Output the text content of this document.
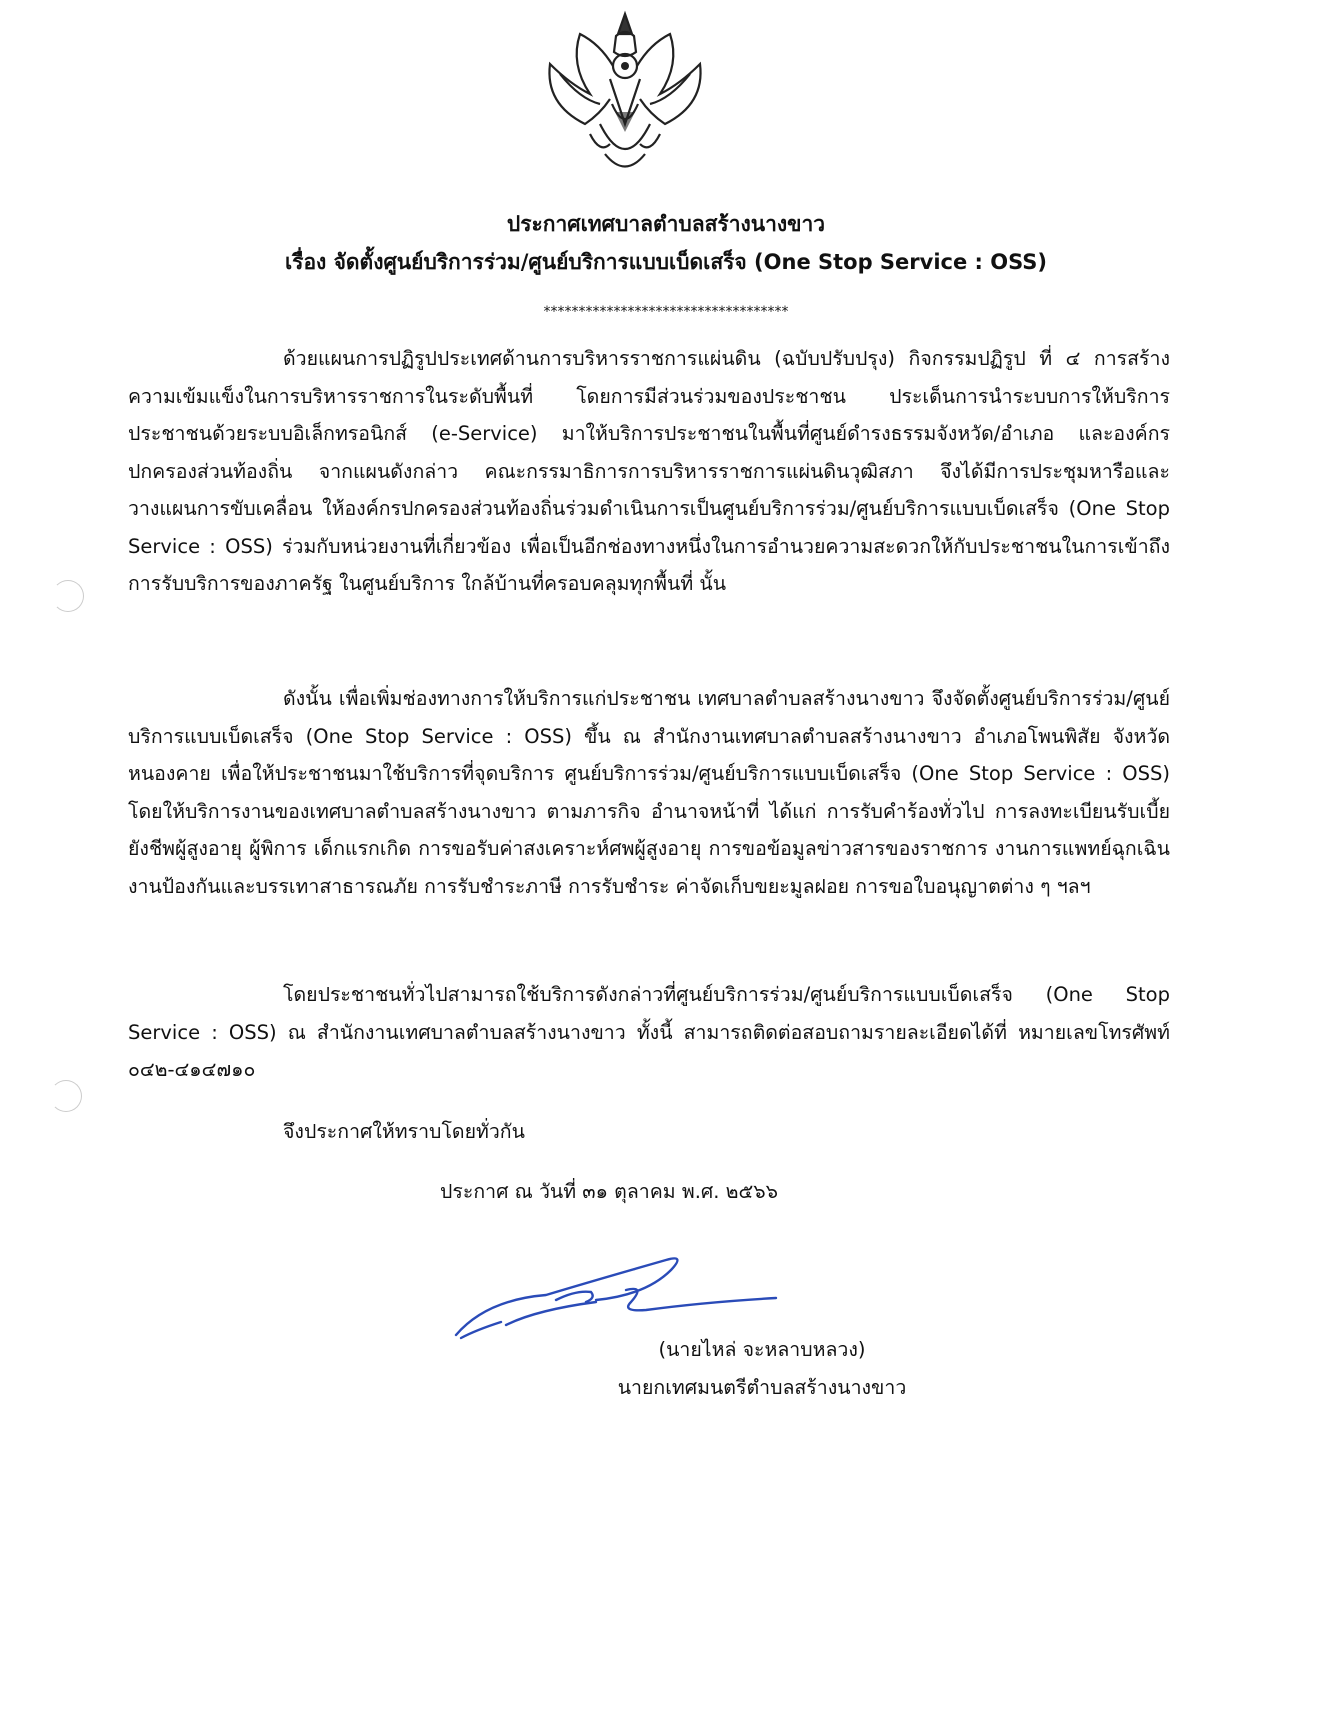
ประกาศเทศบาลตำบลสร้างนางขาว
เรื่อง จัดตั้งศูนย์บริการร่วม/ศูนย์บริการแบบเบ็ดเสร็จ (One Stop Service : OSS)
***********************************

ด้วยแผนการปฏิรูปประเทศด้านการบริหารราชการแผ่นดิน (ฉบับปรับปรุง) กิจกรรมปฏิรูป ที่ ๔ การสร้างความเข้มแข็งในการบริหารราชการในระดับพื้นที่ โดยการมีส่วนร่วมของประชาชน ประเด็นการนำระบบการให้บริการประชาชนด้วยระบบอิเล็กทรอนิกส์ (e-Service) มาให้บริการประชาชนในพื้นที่ศูนย์ดำรงธรรมจังหวัด/อำเภอ และองค์กรปกครองส่วนท้องถิ่น จากแผนดังกล่าว คณะกรรมาธิการการบริหารราชการแผ่นดินวุฒิสภา จึงได้มีการประชุมหารือและวางแผนการขับเคลื่อน ให้องค์กรปกครองส่วนท้องถิ่นร่วมดำเนินการเป็นศูนย์บริการร่วม/ศูนย์บริการแบบเบ็ดเสร็จ (One Stop Service : OSS) ร่วมกับหน่วยงานที่เกี่ยวข้อง เพื่อเป็นอีกช่องทางหนึ่งในการอำนวยความสะดวกให้กับประชาชนในการเข้าถึงการรับบริการของภาครัฐ ในศูนย์บริการ ใกล้บ้านที่ครอบคลุมทุกพื้นที่ นั้น

ดังนั้น เพื่อเพิ่มช่องทางการให้บริการแก่ประชาชน เทศบาลตำบลสร้างนางขาว จึงจัดตั้งศูนย์บริการร่วม/ศูนย์บริการแบบเบ็ดเสร็จ (One Stop Service : OSS) ขึ้น ณ สำนักงานเทศบาลตำบลสร้างนางขาว อำเภอโพนพิสัย จังหวัดหนองคาย เพื่อให้ประชาชนมาใช้บริการที่จุดบริการ ศูนย์บริการร่วม/ศูนย์บริการแบบเบ็ดเสร็จ (One Stop Service : OSS) โดยให้บริการงานของเทศบาลตำบลสร้างนางขาว ตามภารกิจ อำนาจหน้าที่ ได้แก่ การรับคำร้องทั่วไป การลงทะเบียนรับเบี้ยยังชีพผู้สูงอายุ ผู้พิการ เด็กแรกเกิด การขอรับค่าสงเคราะห์ศพผู้สูงอายุ การขอข้อมูลข่าวสารของราชการ งานการแพทย์ฉุกเฉิน งานป้องกันและบรรเทาสาธารณภัย การรับชำระภาษี การรับชำระ ค่าจัดเก็บขยะมูลฝอย การขอใบอนุญาตต่าง ๆ ฯลฯ

โดยประชาชนทั่วไปสามารถใช้บริการดังกล่าวที่ศูนย์บริการร่วม/ศูนย์บริการแบบเบ็ดเสร็จ (One Stop Service : OSS) ณ สำนักงานเทศบาลตำบลสร้างนางขาว ทั้งนี้ สามารถติดต่อสอบถามรายละเอียดได้ที่ หมายเลขโทรศัพท์ ๐๔๒-๔๑๔๗๑๐

จึงประกาศให้ทราบโดยทั่วกัน
ประกาศ ณ วันที่ ๓๑ ตุลาคม พ.ศ. ๒๕๖๖
(นายไหล่ จะหลาบหลวง)
นายกเทศมนตรีตำบลสร้างนางขาว
